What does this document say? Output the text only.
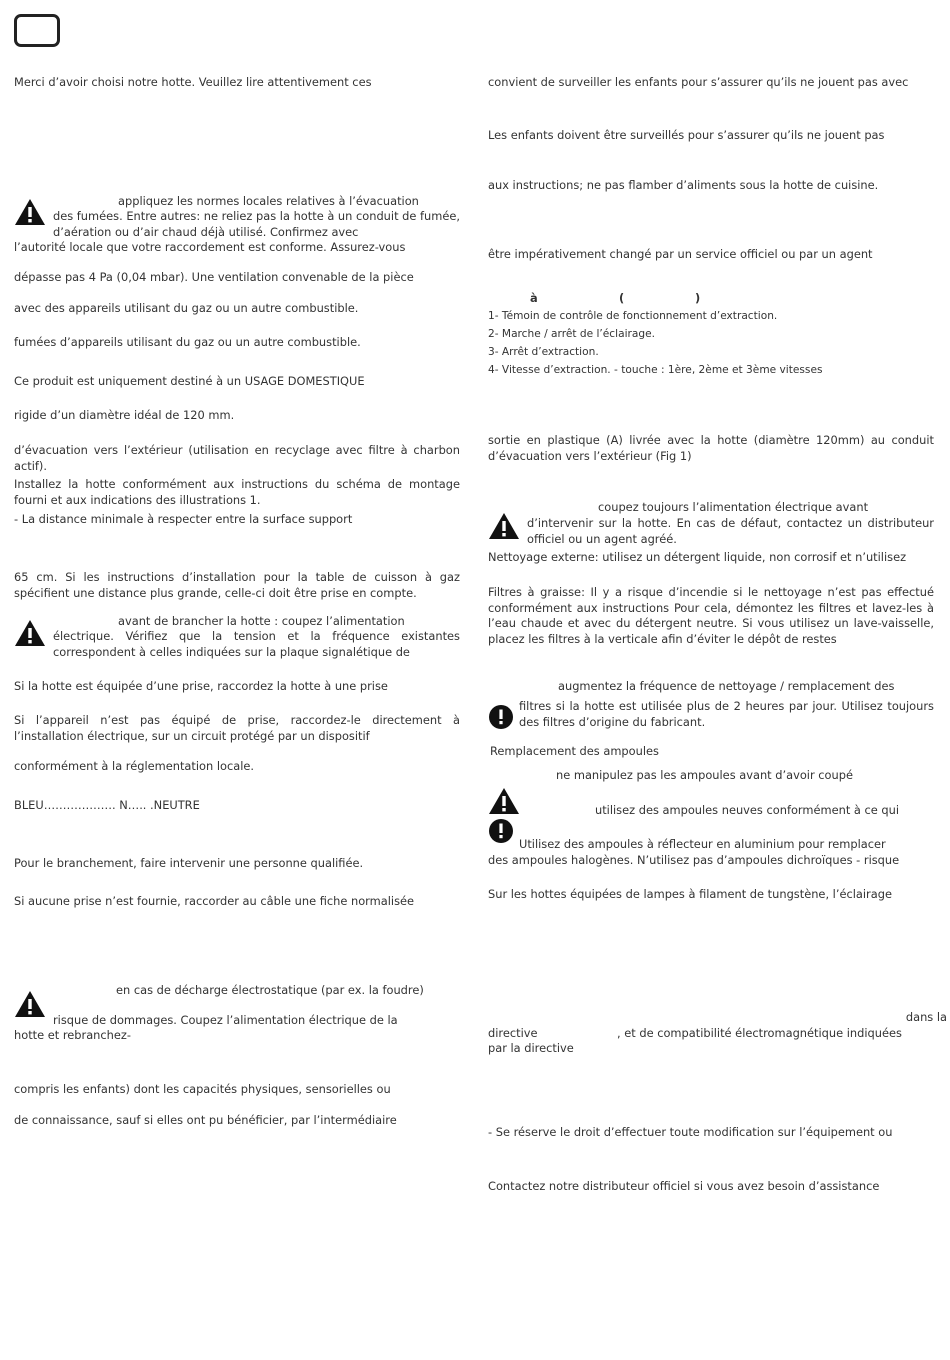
Merci d’avoir choisi notre hotte. Veuillez lire attentivement ces

appliquez les normes locales relatives à l’évacuation

des fumées. Entre autres: ne reliez pas la hotte à un conduit de fumée, d’aération ou d’air chaud déjà utilisé. Confirmez avec

l’autorité locale que votre raccordement est conforme. Assurez-vous

dépasse pas 4 Pa (0,04 mbar). Une ventilation convenable de la pièce

avec des appareils utilisant du gaz ou un autre combustible.

fumées d’appareils utilisant du gaz ou un autre combustible.

Ce produit est uniquement destiné à un USAGE DOMESTIQUE

rigide d’un diamètre idéal de 120 mm.

d’évacuation vers l’extérieur (utilisation en recyclage avec filtre à charbon actif).

Installez la hotte conformément aux instructions du schéma de montage fourni et aux indications des illustrations 1.

- La distance minimale à respecter entre la surface support

65 cm. Si les instructions d’installation pour la table de cuisson à gaz spécifient une distance plus grande, celle-ci doit être prise en compte.

avant de brancher la hotte : coupez l’alimentation

électrique. Vérifiez que la tension et la fréquence existantes correspondent à celles indiquées sur la plaque signalétique de

Si la hotte est équipée d’une prise, raccordez la hotte à une prise

Si l’appareil n’est pas équipé de prise, raccordez-le directement à l’installation électrique, sur un circuit protégé par un dispositif

conformément à la réglementation locale.

BLEU………………. N….. .NEUTRE

Pour le branchement, faire intervenir une personne qualifiée.

Si aucune prise n’est fournie, raccorder au câble une fiche normalisée

en cas de décharge électrostatique (par ex. la foudre)

risque de dommages. Coupez l’alimentation électrique de la

hotte et rebranchez-

compris les enfants) dont les capacités physiques, sensorielles ou

de connaissance, sauf si elles ont pu bénéficier, par l’intermédiaire

convient de surveiller les enfants pour s’assurer qu’ils ne jouent pas avec

Les enfants doivent être surveillés pour s’assurer qu’ils ne jouent pas

aux instructions; ne pas flamber d’aliments sous la hotte de cuisine.

être impérativement changé par un service officiel ou par un agent

à	(	)

1- Témoin de contrôle de fonctionnement d’extraction.

2- Marche / arrêt de l’éclairage.

3- Arrêt d’extraction.

4- Vitesse d’extraction. - touche : 1ère, 2ème et 3ème vitesses

sortie en plastique (A) livrée avec la hotte (diamètre 120mm) au conduit d’évacuation vers l’extérieur (Fig 1)

coupez toujours l’alimentation électrique avant

d’intervenir sur la hotte. En cas de défaut, contactez un distributeur officiel ou un agent agréé.

Nettoyage externe: utilisez un détergent liquide, non corrosif et n’utilisez

Filtres à graisse: Il y a risque d’incendie si le nettoyage n’est pas effectué conformément aux instructions Pour cela, démontez les filtres et lavez-les à l’eau chaude et avec du détergent neutre. Si vous utilisez un lave-vaisselle, placez les filtres à la verticale afin d’éviter le dépôt de restes

augmentez la fréquence de nettoyage / remplacement des

filtres si la hotte est utilisée plus de 2 heures par jour. Utilisez toujours des filtres d’origine du fabricant.

Remplacement des ampoules

ne manipulez pas les ampoules avant d’avoir coupé

utilisez des ampoules neuves conformément à ce qui

Utilisez des ampoules à réflecteur en aluminium pour remplacer

des ampoules halogènes. N’utilisez pas d’ampoules dichroïques - risque

Sur les hottes équipées de lampes à filament de tungstène, l’éclairage

dans la
directive	, et de compatibilité électromagnétique indiquées
par la directive

- Se réserve le droit d’effectuer toute modification sur l’équipement ou

Contactez notre distributeur officiel si vous avez besoin d’assistance
